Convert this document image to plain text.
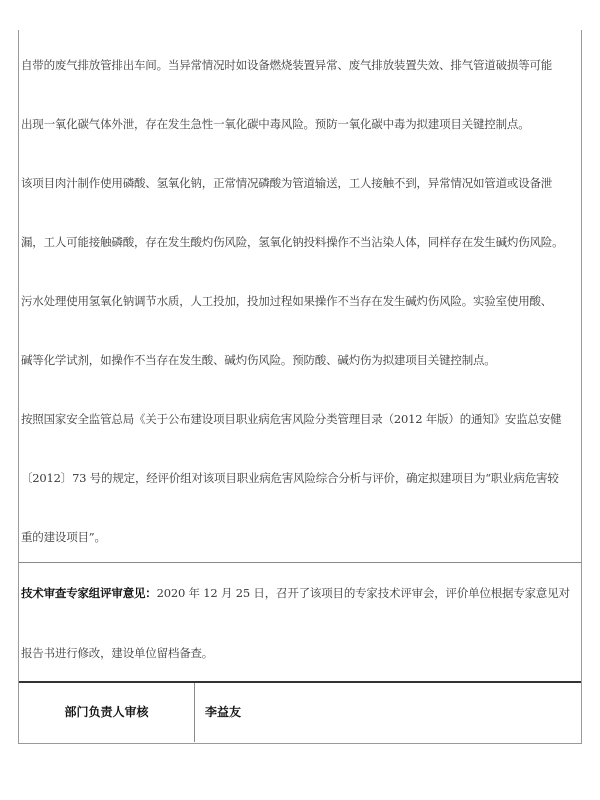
自带的废气排放管排出车间。当异常情况时如设备燃烧装置异常、废气排放装置失效、排气管道破损等可能
出现一氧化碳气体外泄，存在发生急性一氧化碳中毒风险。预防一氧化碳中毒为拟建项目关键控制点。
该项目肉汁制作使用磷酸、氢氧化钠，正常情况磷酸为管道输送，工人接触不到，异常情况如管道或设备泄
漏，工人可能接触磷酸，存在发生酸灼伤风险，氢氧化钠投料操作不当沾染人体，同样存在发生碱灼伤风险。
污水处理使用氢氧化钠调节水质，人工投加，投加过程如果操作不当存在发生碱灼伤风险。实验室使用酸、
碱等化学试剂，如操作不当存在发生酸、碱灼伤风险。预防酸、碱灼伤为拟建项目关键控制点。
按照国家安全监管总局《关于公布建设项目职业病危害风险分类管理目录（2012 年版）的通知》安监总安健
〔2012〕73 号的规定，经评价组对该项目职业病危害风险综合分析与评价，确定拟建项目为“职业病危害较
重的建设项目”。
技术审查专家组评审意见：2020 年 12 月 25 日，召开了该项目的专家技术评审会，评价单位根据专家意见对
报告书进行修改，建设单位留档备查。
部门负责人审核	李益友
